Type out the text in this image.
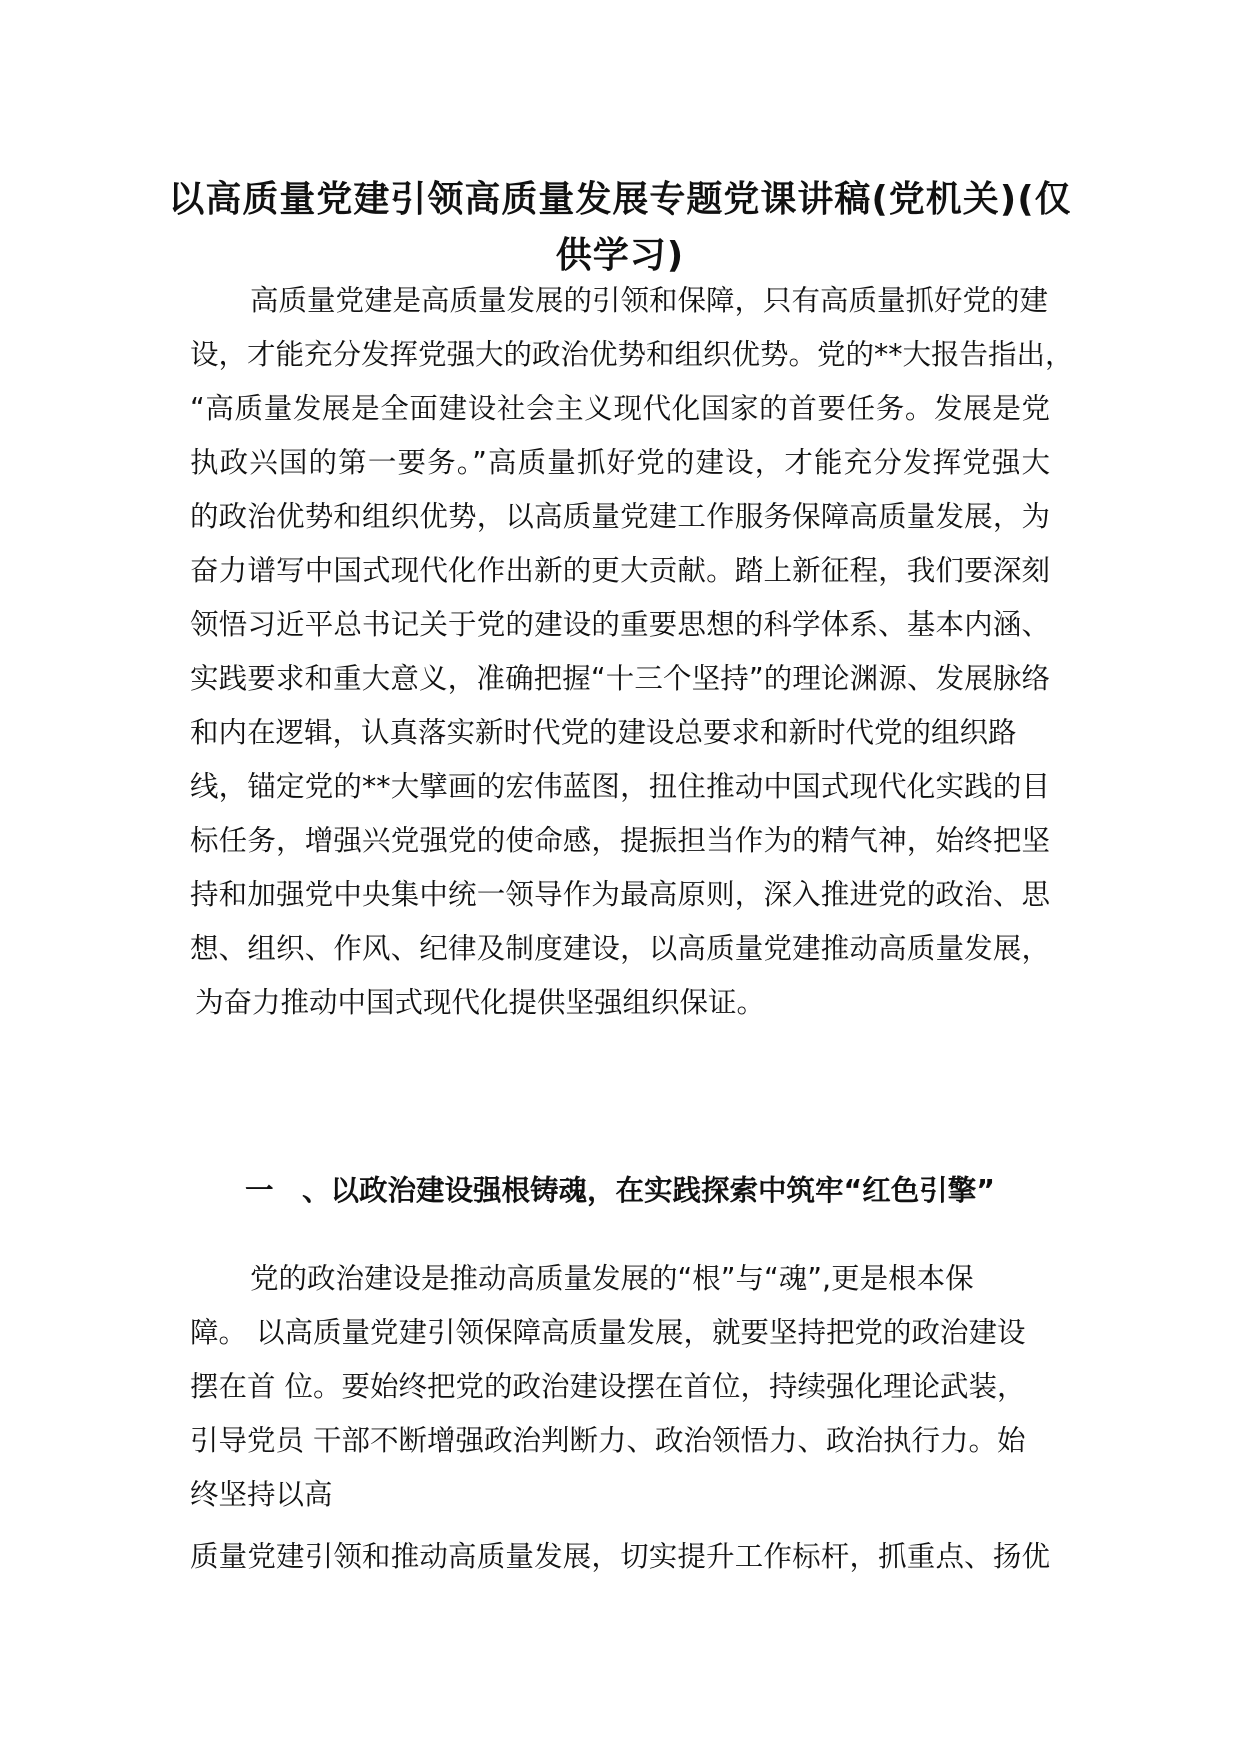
以高质量党建引领高质量发展专题党课讲稿(党机关)(仅
供学习)
高质量党建是高质量发展的引领和保障，只有高质量抓好党的建
设，才能充分发挥党强大的政治优势和组织优势。党的**大报告指出，
“高质量发展是全面建设社会主义现代化国家的首要任务。发展是党
执政兴国的第一要务。”高质量抓好党的建设，才能充分发挥党强大
的政治优势和组织优势，以高质量党建工作服务保障高质量发展，为
奋力谱写中国式现代化作出新的更大贡献。踏上新征程，我们要深刻
领悟习近平总书记关于党的建设的重要思想的科学体系、基本内涵、
实践要求和重大意义，准确把握“十三个坚持”的理论渊源、发展脉络
和内在逻辑，认真落实新时代党的建设总要求和新时代党的组织路
线，锚定党的**大擘画的宏伟蓝图，扭住推动中国式现代化实践的目
标任务，增强兴党强党的使命感，提振担当作为的精气神，始终把坚
持和加强党中央集中统一领导作为最高原则，深入推进党的政治、思
想、组织、作风、纪律及制度建设，以高质量党建推动高质量发展，
为奋力推动中国式现代化提供坚强组织保证。
一　、以政治建设强根铸魂，在实践探索中筑牢“红色引擎”
党的政治建设是推动高质量发展的“根”与“魂”,更是根本保
障。 以高质量党建引领保障高质量发展，就要坚持把党的政治建设
摆在首 位。要始终把党的政治建设摆在首位，持续强化理论武装，
引导党员 干部不断增强政治判断力、政治领悟力、政治执行力。始
终坚持以高
质量党建引领和推动高质量发展，切实提升工作标杆，抓重点、扬优
